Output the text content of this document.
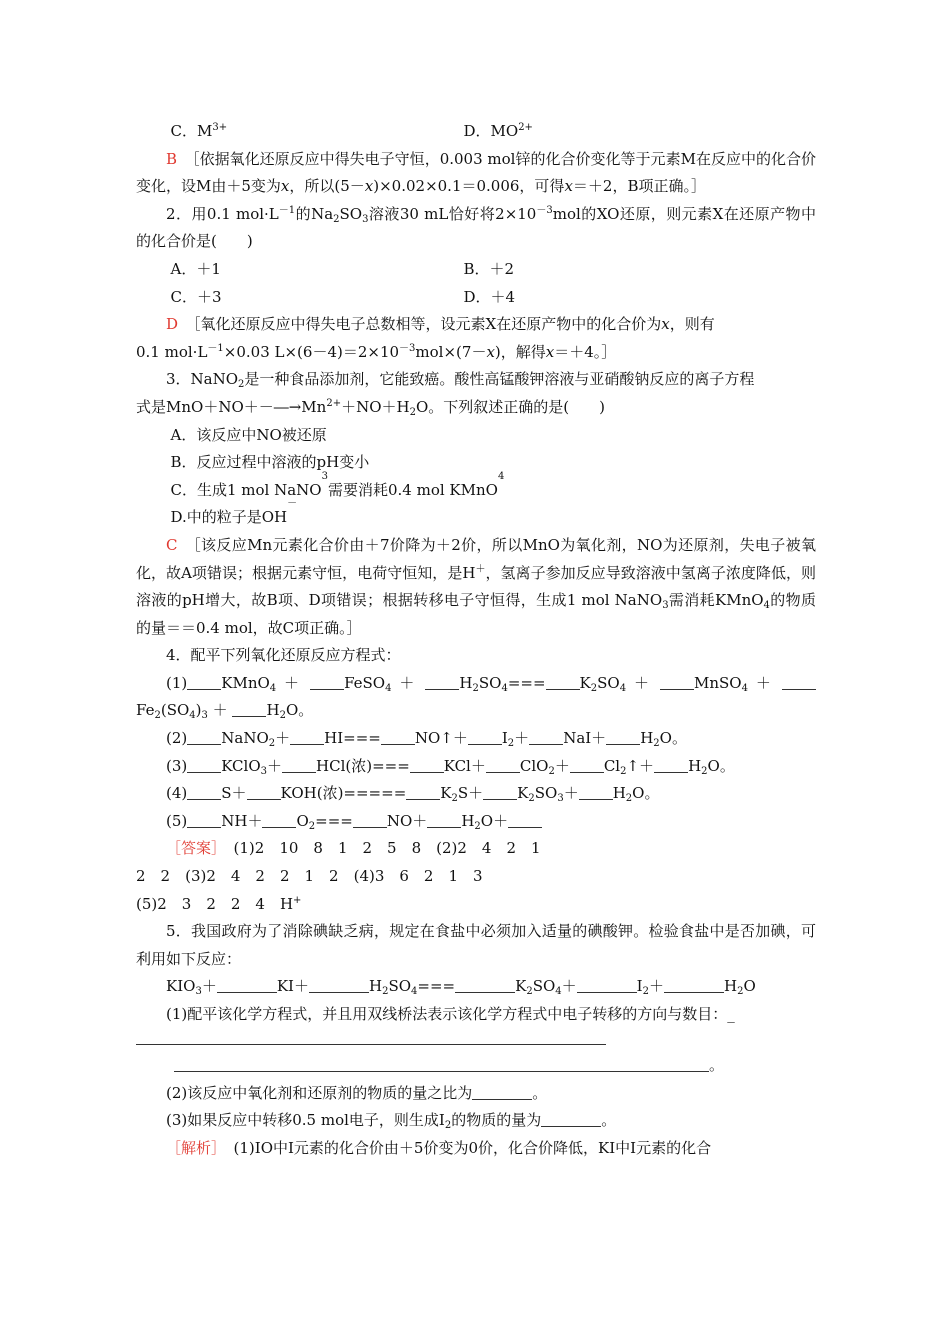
C．$M^{3+}$	D．$MO^{2+}$

B　 ［依据氧化还原反应中得失电子守恒，0.003 mol锌的化合价变化等于元素M在反应中的化合价变化，设M由＋5变为x，所以(5－x)×0.02×0.1＝0.006，可得x＝＋2，B项正确。］

2．用0.1 $mol\cdot L^{-1}$的$Na_2SO_3$溶液30 mL恰好将$2\times 10^{-3}mol$的XO还原，则元素X在还原产物中的化合价是(　　)

A．＋1	B．＋2
C．＋3	D．＋4

D　 ［氧化还原反应中得失电子总数相等，设元素X在还原产物中的化合价为x，则有

0.1 $mol\cdot L^{-1}\times 0.03$ $L\times(6-4)=2\times 10^{-3}mol\times(7-x)$，解得x＝＋4。］

3．NaNO$_2$是一种食品添加剂，它能致癌。酸性高锰酸钾溶液与亚硝酸钠反应的离子方程

式是$MnO+NO+-―\to Mn^{2+}+NO+H_2O$。下列叙述正确的是(　　)

A．该反应中NO被还原

B．反应过程中溶液的pH变小

C．生成1 mol NaNO
3
需要消耗0.4 mol KMnO
4

D.中的粒子是OH
－

C　 ［该反应Mn元素化合价由＋7价降为＋2价，所以MnO为氧化剂，NO为还原剂，失电子被氧化，故A项错误；根据元素守恒，电荷守恒知，是H＋，氢离子参加反应导致溶液中氢离子浓度降低，则溶液的pH增大，故B项、D项错误；根据转移电子守恒得，生成1 mol NaNO$_3$需消耗KMnO$_4$的物质的量＝＝0.4 mol，故C项正确。］

4．配平下列氧化还原反应方程式：

(1) KMnO$_4$ ＋	FeSO$_4$ ＋	$H_2SO_4=== K_2SO_4$ ＋	MnSO$_4$ ＋ $Fe_2(SO_4)_3$ ＋	$H_2O$。

(2) NaNO$_2$＋ HI=== NO↑＋ $I_2+ NaI+ H_2O$。

(3) KClO$_3$＋ HCl(浓)=== $KCl+ ClO_2+ Cl_2↑+ H_2O$。

(4) S＋ KOH(浓)===== $K_2S+ K_2SO_3+ H_2O$。

(5) $NH+ O_2=== NO+ H_2O+$

［答案］　 (1)2　10　8　1　2　5　8　(2)2　4　2　1

2　2　(3)2　4　2　2　1　2　(4)3　6　2　1　3

(5)2　3　2　2　4　H+

5．我国政府为了消除碘缺乏病，规定在食盐中必须加入适量的碘酸钾。检验食盐中是否加碘，可利用如下反应：

$KIO_3+$	KI＋	$H_2SO_4===$	$K_2SO_4+$	$I_2+$	$H_2O$

(1)配平该化学方程式，并且用双线桥法表示该化学方程式中电子转移的方向与数目：_

。

(2)该反应中氧化剂和还原剂的物质的量之比为	。

(3)如果反应中转移0.5 mol电子，则生成$I_2$的物质的量为	。

［解析］　 (1)IO中I元素的化合价由＋5价变为0价，化合价降低，KI中I元素的化合
